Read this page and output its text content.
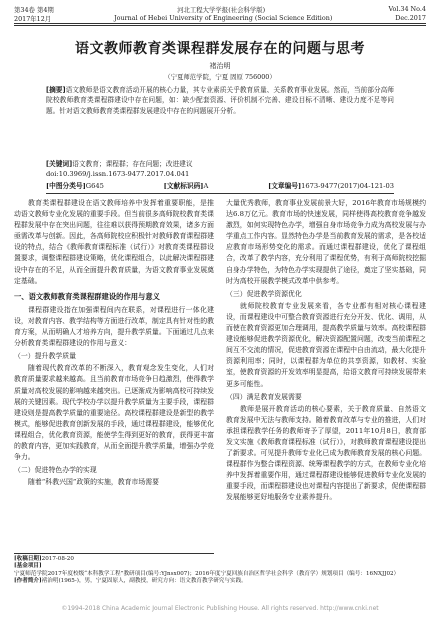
第34卷 第4期	河北工程大学学报(社会科学版)	Vol.34 No.4
2017年12月	Journal of Hebei University of Engineering (Social Science Edition)	Dec.2017
语文教师教育类课程群发展存在的问题与思考
褚治明
（宁夏师范学院，宁夏 固原 756000）
[摘要]语文教师是语文教育活动开展的核心力量，其专业素质关乎教育质量、关系教育事业发展。然而，当前部分高师院校教师教育类课程群建设中存在问题，如：缺少配套资源、评价机制不完善、建设目标不清晰、建设力度不足等问题。针对语文教师教育类课程群发展建设中存在的问题展开分析。
[关键词]语文教育；课程群；存在问题；改进建议
doi:10.3969/j.issn.1673-9477.2017.04.041
[中图分类号]G645	[文献标识码]A	[文章编号]1673-9477(2017)04-121-03

教育类课程群建设在语文教师培养中发挥着重要职能，是推动语文教师专业化发展的重要手段。但当前很多高师院校教育类课程群发展中存在突出问题，往往难以获得预期教育效果，诸多方面亟需改革与创新。因此，各高师院校应积极针对教师教育课程群建设的特点，结合《教师教育课程标准（试行）》对教育类课程群设置要求，调整课程群建设策略，优化课程组合，以此解决课程群建设中存在的不足，从而全面提升教育质量，为语文教育事业发展奠定基础。

一、语文教师教育类课程群建设的作用与意义

课程群建设指在加强课程间内在联系，对课程进行一体化建设，对教育内容、教学结构等方面进行改革，制定具有针对性的教育方案，从而明确人才培养方向，提升教学质量。下面通过几点来分析教育类课程群建设的作用与意义：

（一）提升教学质量

随着现代教育改革的不断深入，教育观念发生变化，人们对教育质量要求越来越高。且当前教育市场竞争日趋激烈，使得教学质量对高校发展的影响越来越突出。已逐渐成为影响高校可持续发展的关键因素。现代学校办学以提升教学质量为主要手段，课程群建设则是提高教学质量的重要途径。高校课程群建设是新型的教学模式，能够促进教育创新发展的手段，通过课程群建设，能够优化课程组合，优化教育资源，能使学生得到更好的教育，获得更丰富的教育内容，更加实践教育，从而全面提升教学质量，增强办学竞争力。

（二）促进特色办学的实现

随着“科教兴国”政策的实施，教育市场需要

大量优秀教师，教育事业发展前景大好，2016年教育市场规模约达6.8万亿元。教育市场的快速发展，同样使得高校教育竞争越发激烈，如何实现特色办学，增强自身市场竞争力成为高校发展与办学重点工作内容。显然特色办学是当前教育发展的需求，是各校适应教育市场形势变化的需求。而通过课程群建设，优化了课程组合，改革了教学内容，充分利用了课程优势，有利于高师院校挖掘自身办学特色，为特色办学实现提供了途径，奠定了坚实基础，同时为高校开展教学模式改革中供参考。

（三）促进教学资源优化

就师院校教育专业发展来看，各专业都有相对核心课程建设，而课程建设中可整合教育资源进行充分开发、优化、调用，从而使在教育资源更加合理调用，提高教学质量与效率。高校课程群建设能够促进教学资源优化，解决资源配置问题，改变当前课程之间互不交流的情况，促进教育资源在课程中自由流动，最大化提升资源利用率；同时，以课程群为单位的共享资源，如教材、实验室，使教育资源的开发效率明显提高，给语文教育可持续发展带来更多可能性。

（四）满足教育发展需要

教师是展开教育活动的核心要素，关于教育质量、自然语文教育发展中无法与教师支持。随着教育改革与专业的推进，人们对承担课程教学任务的教师寄予了厚望，2011年10月8日，教育部发文实施《教师教育课程标准（试行）》，对教师教育课程建设提出了新要求。可见提升教师专业化已成为教师教育发展的核心问题。课程群作为整合课程资源、统筹课程教学的方式，在教师专业化培养中发挥着重要作用，通过课程群建设能够促进教师专业化发展的重要手段，而课程群建设也对课程内容提出了新要求，促使课程群发展能够更好地服务专业素养提升。

[收稿日期]2017-08-20
[基金项目]宁夏师范学院2017年度校级“本科教学工程”教研项目(编号:YJnsx007)；2016年度宁夏回族自治区哲学社会科学（教育学）规划项目（编号：16NXJJ02）
[作者简介]褚治明(1965-)，男，宁夏固原人，副教授，研究方向：语文教育教学研究与实践。
©1994-2018 China Academic Journal Electronic Publishing House. All rights reserved. http://www.cnki.net
